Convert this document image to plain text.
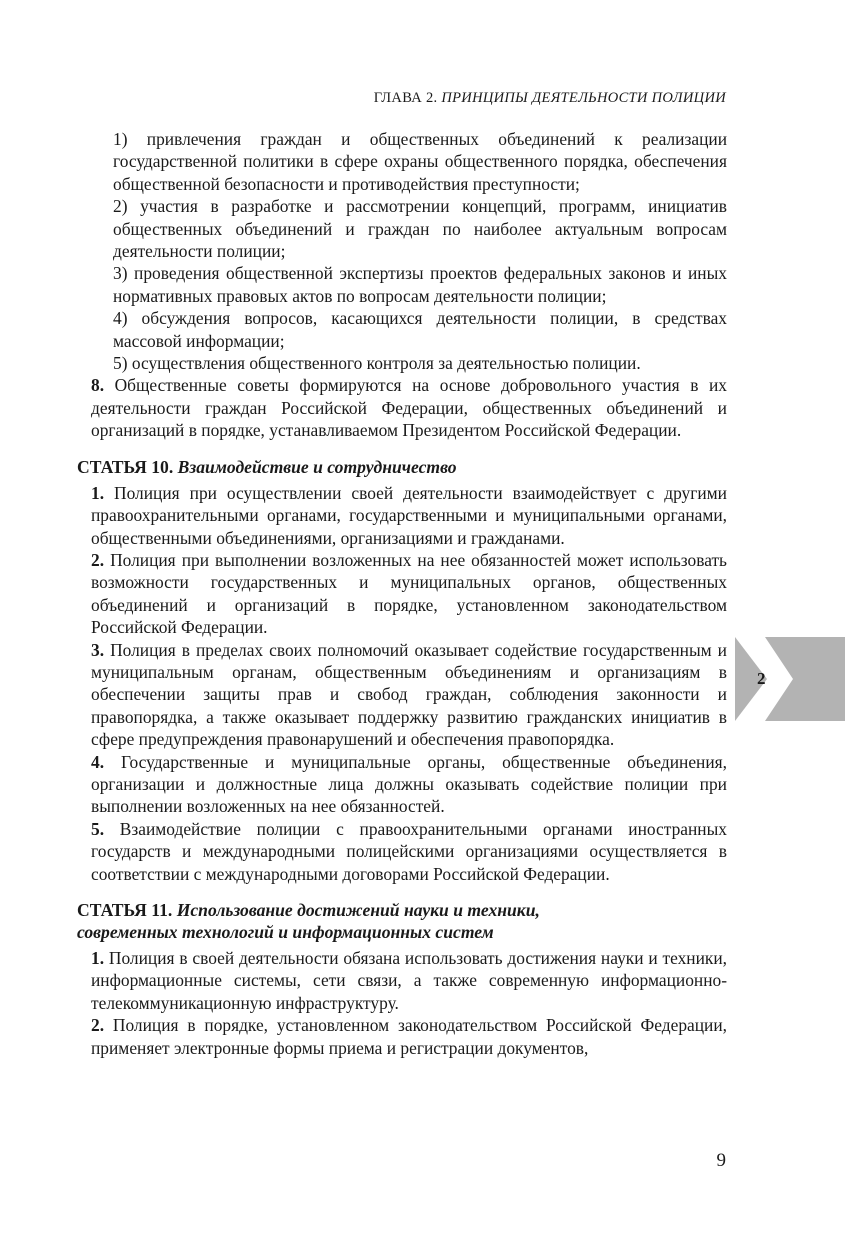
ГЛАВА 2. ПРИНЦИПЫ ДЕЯТЕЛЬНОСТИ ПОЛИЦИИ

1) привлечения граждан и общественных объединений к реализации государственной политики в сфере охраны общественного порядка, обеспечения общественной безопасности и противодействия преступности;

2) участия в разработке и рассмотрении концепций, программ, инициатив общественных объединений и граждан по наиболее актуальным вопросам деятельности полиции;

3) проведения общественной экспертизы проектов федеральных законов и иных нормативных правовых актов по вопросам деятельности полиции;

4) обсуждения вопросов, касающихся деятельности полиции, в средствах массовой информации;

5) осуществления общественного контроля за деятельностью полиции.

8. Общественные советы формируются на основе добровольного участия в их деятельности граждан Российской Федерации, общественных объединений и организаций в порядке, устанавливаемом Президентом Российской Федерации.

СТАТЬЯ 10. Взаимодействие и сотрудничество

1. Полиция при осуществлении своей деятельности взаимодействует с другими правоохранительными органами, государственными и муниципальными органами, общественными объединениями, организациями и гражданами.

2. Полиция при выполнении возложенных на нее обязанностей может использовать возможности государственных и муниципальных органов, общественных объединений и организаций в порядке, установленном законодательством Российской Федерации.

3. Полиция в пределах своих полномочий оказывает содействие государственным и муниципальным органам, общественным объединениям и организациям в обеспечении защиты прав и свобод граждан, соблюдения законности и правопорядка, а также оказывает поддержку развитию гражданских инициатив в сфере предупреждения правонарушений и обеспечения правопорядка.

4. Государственные и муниципальные органы, общественные объединения, организации и должностные лица должны оказывать содействие полиции при выполнении возложенных на нее обязанностей.

5. Взаимодействие полиции с правоохранительными органами иностранных государств и международными полицейскими организациями осуществляется в соответствии с международными договорами Российской Федерации.

СТАТЬЯ 11. Использование достижений науки и техники,
современных технологий и информационных систем

1. Полиция в своей деятельности обязана использовать достижения науки и техники, информационные системы, сети связи, а также современную информационно-телекоммуникационную инфраструктуру.

2. Полиция в порядке, установленном законодательством Российской Федерации, применяет электронные формы приема и регистрации документов,

2
9
